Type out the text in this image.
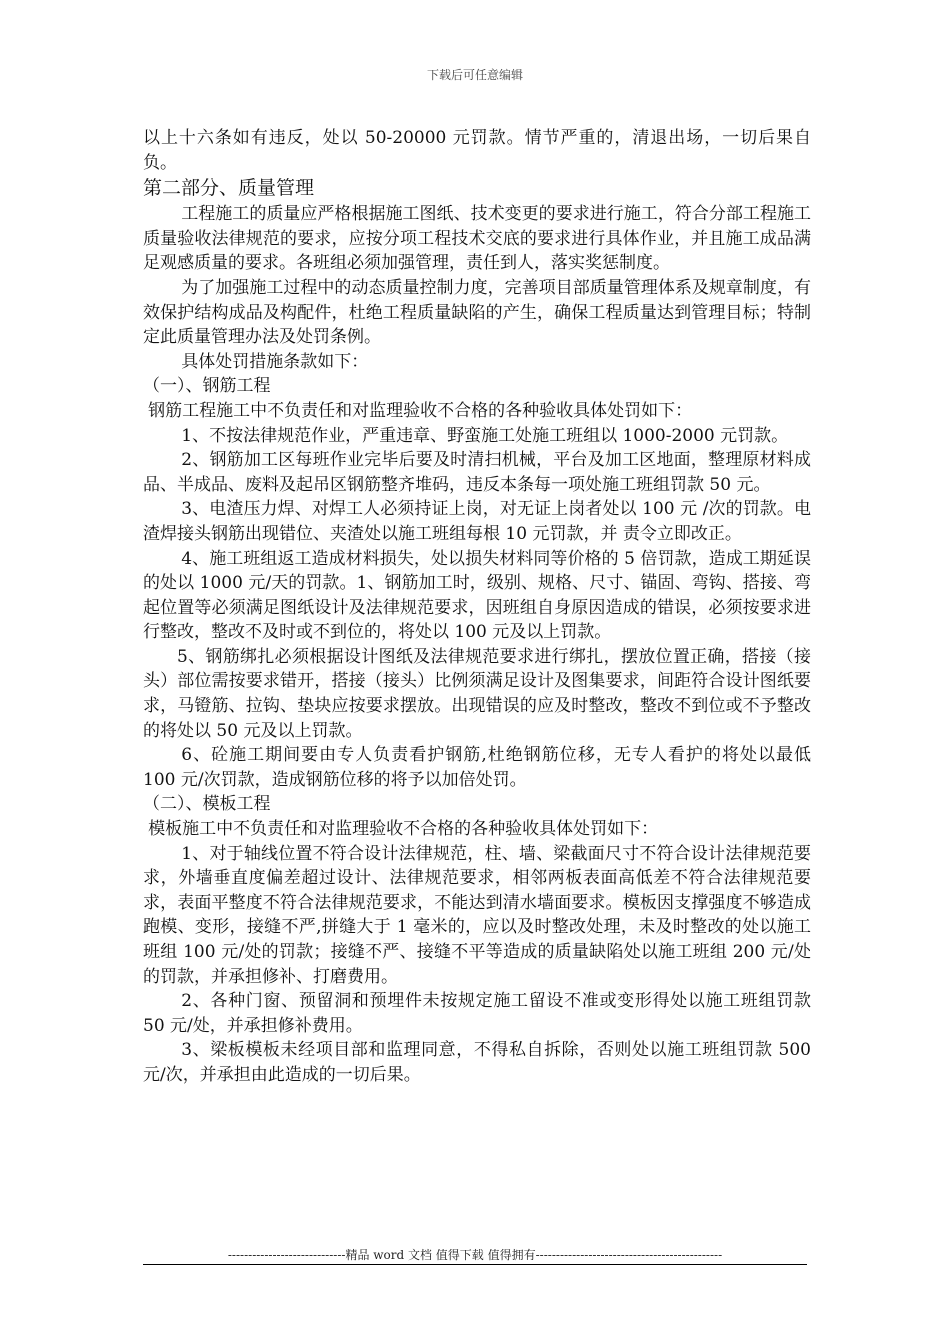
下载后可任意编辑

以上十六条如有违反，处以 50-20000 元罚款。情节严重的，清退出场，一切后果自负。

第二部分、质量管理

工程施工的质量应严格根据施工图纸、技术变更的要求进行施工，符合分部工程施工质量验收法律规范的要求，应按分项工程技术交底的要求进行具体作业，并且施工成品满足观感质量的要求。各班组必须加强管理，责任到人，落实奖惩制度。

为了加强施工过程中的动态质量控制力度，完善项目部质量管理体系及规章制度，有效保护结构成品及构配件，杜绝工程质量缺陷的产生，确保工程质量达到管理目标；特制定此质量管理办法及处罚条例。

具体处罚措施条款如下：

（一）、钢筋工程

钢筋工程施工中不负责任和对监理验收不合格的各种验收具体处罚如下：

1、不按法律规范作业，严重违章、野蛮施工处施工班组以 1000-2000 元罚款。

2、钢筋加工区每班作业完毕后要及时清扫机械，平台及加工区地面，整理原材料成品、半成品、废料及起吊区钢筋整齐堆码，违反本条每一项处施工班组罚款 50 元。

3、电渣压力焊、对焊工人必须持证上岗，对无证上岗者处以 100 元 /次的罚款。电渣焊接头钢筋出现错位、夹渣处以施工班组每根 10 元罚款，并 责令立即改正。

4、施工班组返工造成材料损失，处以损失材料同等价格的 5 倍罚款，造成工期延误的处以 1000 元/天的罚款。1、钢筋加工时，级别、规格、尺寸、锚固、弯钩、搭接、弯起位置等必须满足图纸设计及法律规范要求，因班组自身原因造成的错误，必须按要求进行整改，整改不及时或不到位的，将处以 100 元及以上罚款。

5、钢筋绑扎必须根据设计图纸及法律规范要求进行绑扎，摆放位置正确，搭接（接头）部位需按要求错开，搭接（接头）比例须满足设计及图集要求，间距符合设计图纸要求，马镫筋、拉钩、垫块应按要求摆放。出现错误的应及时整改，整改不到位或不予整改的将处以 50 元及以上罚款。

6、砼施工期间要由专人负责看护钢筋,杜绝钢筋位移，无专人看护的将处以最低 100 元/次罚款，造成钢筋位移的将予以加倍处罚。

（二）、模板工程

模板施工中不负责任和对监理验收不合格的各种验收具体处罚如下：

1、对于轴线位置不符合设计法律规范，柱、墙、梁截面尺寸不符合设计法律规范要求，外墙垂直度偏差超过设计、法律规范要求，相邻两板表面高低差不符合法律规范要求，表面平整度不符合法律规范要求，不能达到清水墙面要求。模板因支撑强度不够造成跑模、变形，接缝不严,拼缝大于 1 毫米的，应以及时整改处理，未及时整改的处以施工班组 100 元/处的罚款；接缝不严、接缝不平等造成的质量缺陷处以施工班组 200 元/处的罚款，并承担修补、打磨费用。

2、各种门窗、预留洞和预埋件未按规定施工留设不准或变形得处以施工班组罚款 50 元/处，并承担修补费用。

3、梁板模板未经项目部和监理同意，不得私自拆除，否则处以施工班组罚款 500 元/次，并承担由此造成的一切后果。

-----------------------------精品 word 文档 值得下载 值得拥有----------------------------------------------
